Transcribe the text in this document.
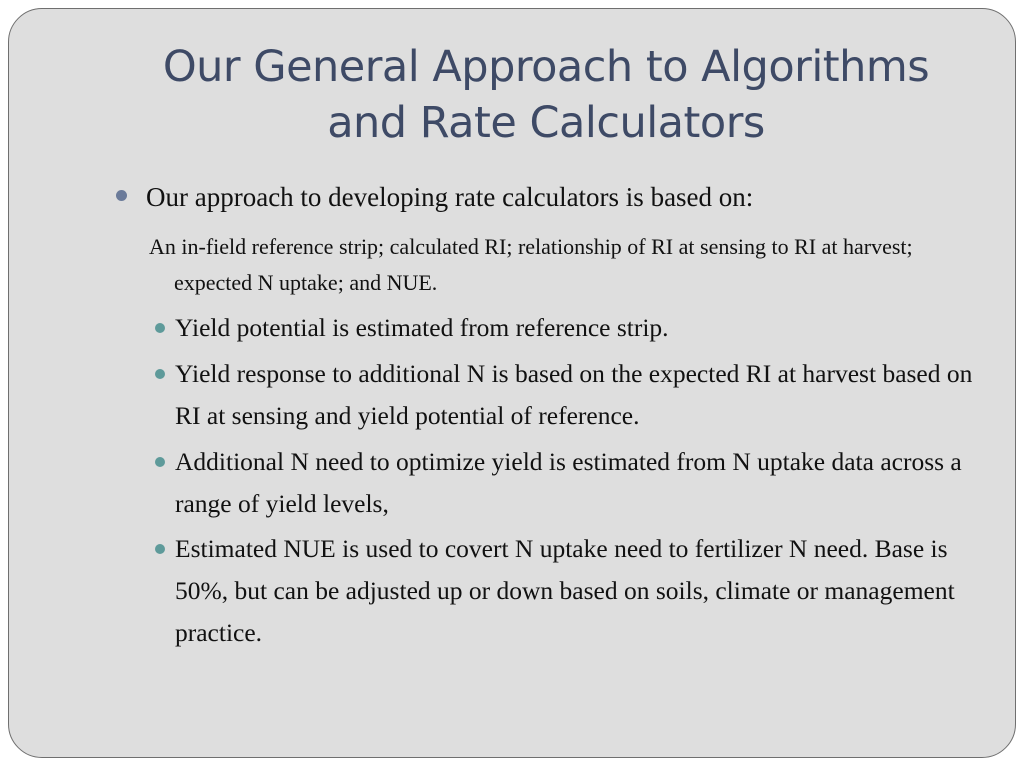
Our General Approach to Algorithms
and Rate Calculators
Our approach to developing rate calculators is based on:
An in-field reference strip; calculated RI; relationship of RI at sensing to RI at harvest; expected N uptake; and NUE.
Yield potential is estimated from reference strip.
Yield response to additional N is based on the expected RI at harvest based on RI at sensing and yield potential of reference.
Additional N need to optimize yield is estimated from N uptake data across a range of yield levels,
Estimated NUE is used to covert N uptake need to fertilizer N need. Base is 50%, but can be adjusted up or down based on soils, climate or management practice.
